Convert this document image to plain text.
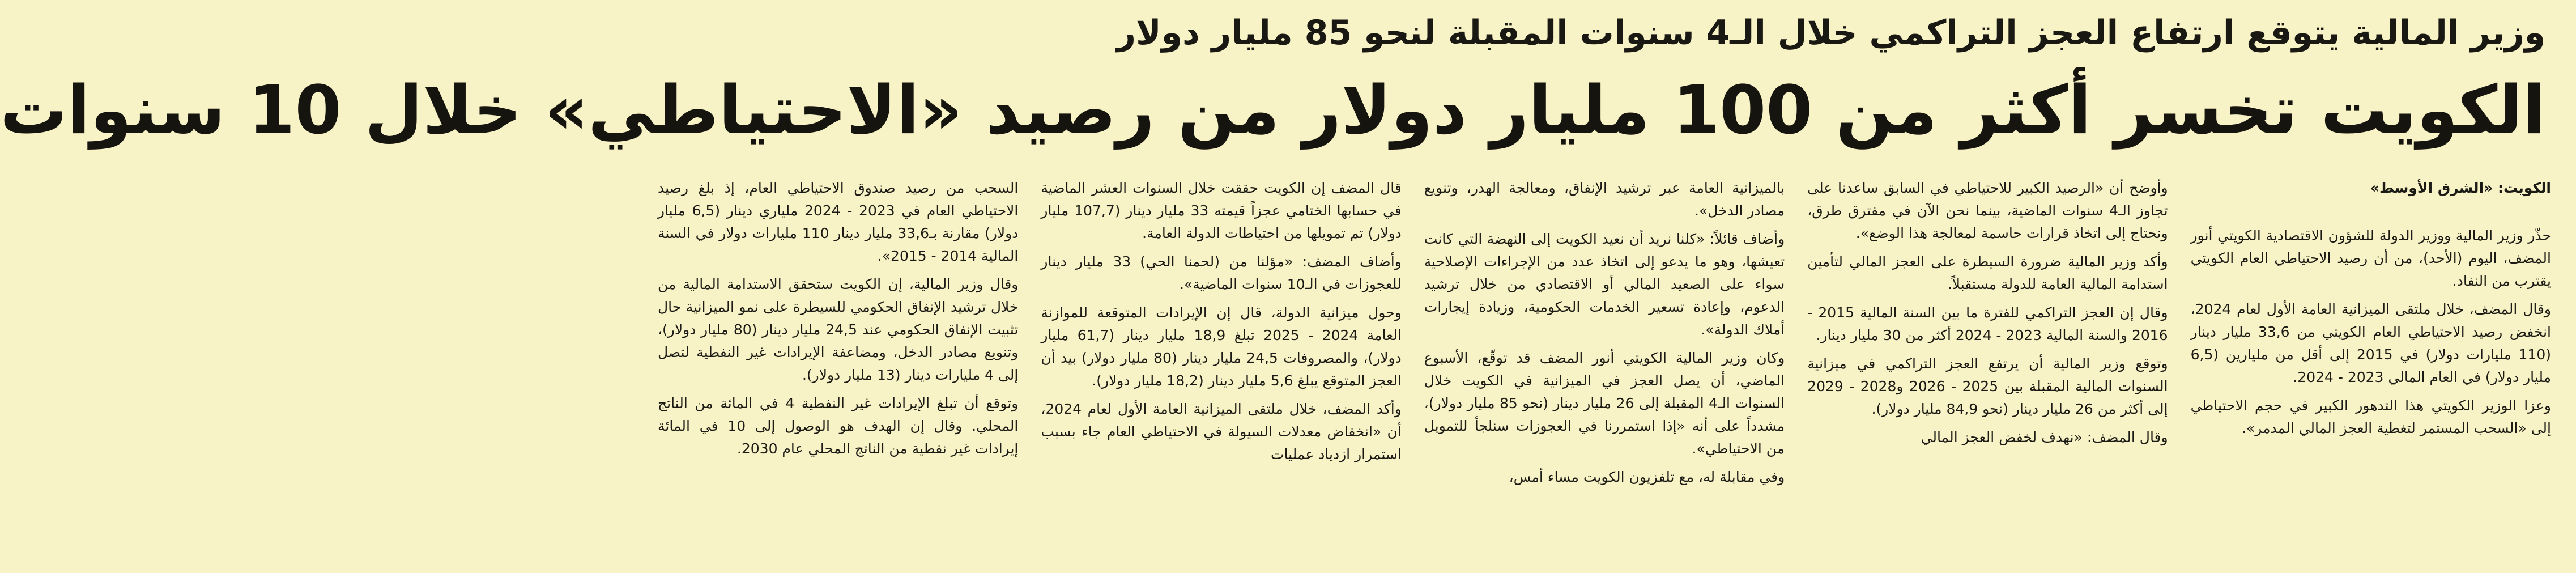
وزير المالية يتوقع ارتفاع العجز التراكمي خلال الـ4 سنوات المقبلة لنحو 85 مليار دولار
الكويت تخسر أكثر من 100 مليار دولار من رصيد «الاحتياطي» خلال 10 سنوات
الكويت: «الشرق الأوسط»

حذّر وزير المالية ووزير الدولة للشؤون الاقتصادية الكويتي أنور المضف، اليوم (الأحد)، من أن رصيد الاحتياطي العام الكويتي يقترب من النفاد.

وقال المضف، خلال ملتقى الميزانية العامة الأول لعام 2024، انخفض رصيد الاحتياطي العام الكويتي من 33,6 مليار دينار (110 مليارات دولار) في 2015 إلى أقل من مليارين (6,5 مليار دولار) في العام المالي 2023 - 2024.

وعزا الوزير الكويتي هذا التدهور الكبير في حجم الاحتياطي إلى «السحب المستمر لتغطية العجز المالي المدمر».

وأوضح أن «الرصيد الكبير للاحتياطي في السابق ساعدنا على تجاوز الـ4 سنوات الماضية، بينما نحن الآن في مفترق طرق، ونحتاج إلى اتخاذ قرارات حاسمة لمعالجة هذا الوضع».

وأكد وزير المالية ضرورة السيطرة على العجز المالي لتأمين استدامة المالية العامة للدولة مستقبلاً.

وقال إن العجز التراكمي للفترة ما بين السنة المالية 2015 - 2016 والسنة المالية 2023 - 2024 أكثر من 30 مليار دينار.

وتوقع وزير المالية أن يرتفع العجز التراكمي في ميزانية السنوات المالية المقبلة بين 2025 - 2026 و2028 - 2029 إلى أكثر من 26 مليار دينار (نحو 84,9 مليار دولار).

وقال المضف: «نهدف لخفض العجز المالي

بالميزانية العامة عبر ترشيد الإنفاق، ومعالجة الهدر، وتنويع مصادر الدخل».

وأضاف قائلاً: «كلنا نريد أن نعيد الكويت إلى النهضة التي كانت تعيشها، وهو ما يدعو إلى اتخاذ عدد من الإجراءات الإصلاحية سواء على الصعيد المالي أو الاقتصادي من خلال ترشيد الدعوم، وإعادة تسعير الخدمات الحكومية، وزيادة إيجارات أملاك الدولة».

وكان وزير المالية الكويتي أنور المضف قد توقّع، الأسبوع الماضي، أن يصل العجز في الميزانية في الكويت خلال السنوات الـ4 المقبلة إلى 26 مليار دينار (نحو 85 مليار دولار)، مشدداً على أنه «إذا استمررنا في العجوزات سنلجأ للتمويل من الاحتياطي».

وفي مقابلة له، مع تلفزيون الكويت مساء أمس،

قال المضف إن الكويت حققت خلال السنوات العشر الماضية في حسابها الختامي عجزاً قيمته 33 مليار دينار (107,7 مليار دولار) تم تمويلها من احتياطات الدولة العامة.

وأضاف المضف: «مؤلنا من (لحمنا الحي) 33 مليار دينار للعجوزات في الـ10 سنوات الماضية».

وحول ميزانية الدولة، قال إن الإيرادات المتوقعة للموازنة العامة 2024 - 2025 تبلغ 18,9 مليار دينار (61,7 مليار دولار)، والمصروفات 24,5 مليار دينار (80 مليار دولار) بيد أن العجز المتوقع يبلغ 5,6 مليار دينار (18,2 مليار دولار).

وأكد المضف، خلال ملتقى الميزانية العامة الأول لعام 2024، أن «انخفاض معدلات السيولة في الاحتياطي العام جاء بسبب استمرار ازدياد عمليات

السحب من رصيد صندوق الاحتياطي العام، إذ بلغ رصيد الاحتياطي العام في 2023 - 2024 ملياري دينار (6,5 مليار دولار) مقارنة بـ33,6 مليار دينار 110 مليارات دولار في السنة المالية 2014 - 2015».

وقال وزير المالية، إن الكويت ستحقق الاستدامة المالية من خلال ترشيد الإنفاق الحكومي للسيطرة على نمو الميزانية حال تثبيت الإنفاق الحكومي عند 24,5 مليار دينار (80 مليار دولار)، وتنويع مصادر الدخل، ومضاعفة الإيرادات غير النفطية لتصل إلى 4 مليارات دينار (13 مليار دولار).

وتوقع أن تبلغ الإيرادات غير النفطية 4 في المائة من الناتج المحلي. وقال إن الهدف هو الوصول إلى 10 في المائة إيرادات غير نفطية من الناتج المحلي عام 2030.
